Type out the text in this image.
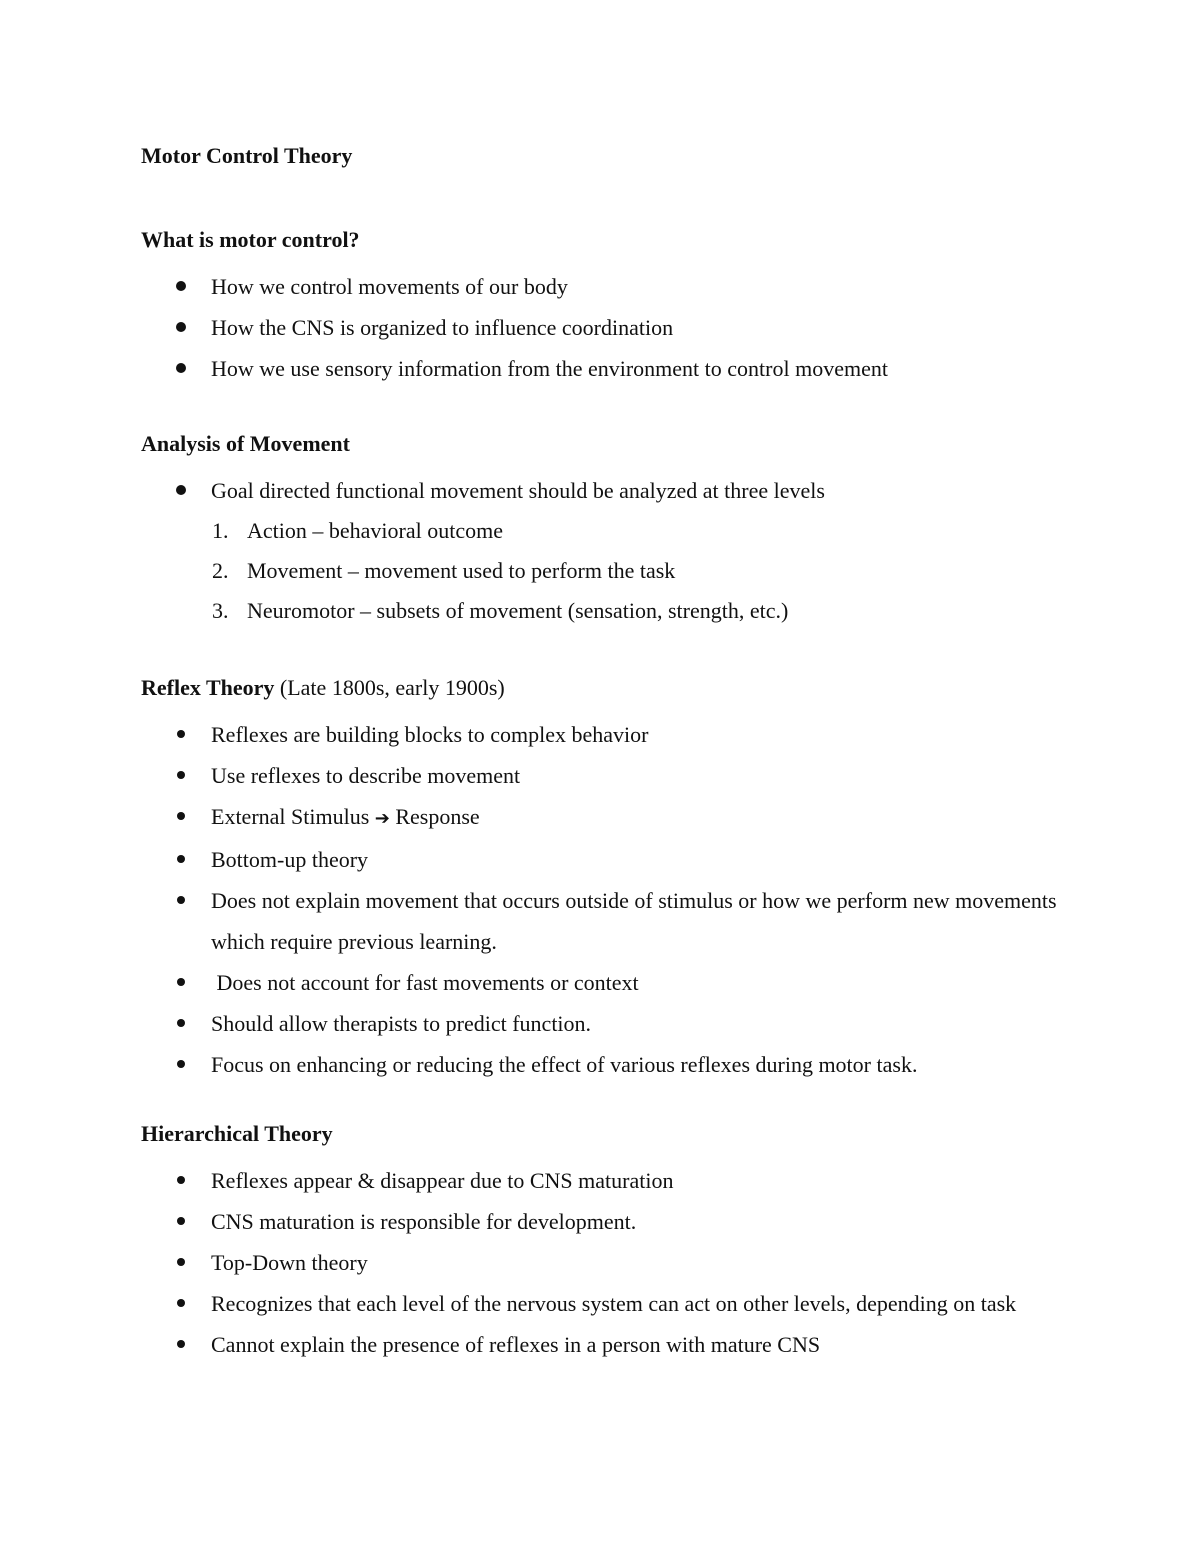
Motor Control Theory
What is motor control?
How we control movements of our body
How the CNS is organized to influence coordination
How we use sensory information from the environment to control movement
Analysis of Movement
Goal directed functional movement should be analyzed at three levels
1. Action – behavioral outcome
2. Movement – movement used to perform the task
3. Neuromotor – subsets of movement (sensation, strength, etc.)
Reflex Theory (Late 1800s, early 1900s)
Reflexes are building blocks to complex behavior
Use reflexes to describe movement
External Stimulus ➔ Response
Bottom-up theory
Does not explain movement that occurs outside of stimulus or how we perform new movements which require previous learning.
Does not account for fast movements or context
Should allow therapists to predict function.
Focus on enhancing or reducing the effect of various reflexes during motor task.
Hierarchical Theory
Reflexes appear & disappear due to CNS maturation
CNS maturation is responsible for development.
Top-Down theory
Recognizes that each level of the nervous system can act on other levels, depending on task
Cannot explain the presence of reflexes in a person with mature CNS
